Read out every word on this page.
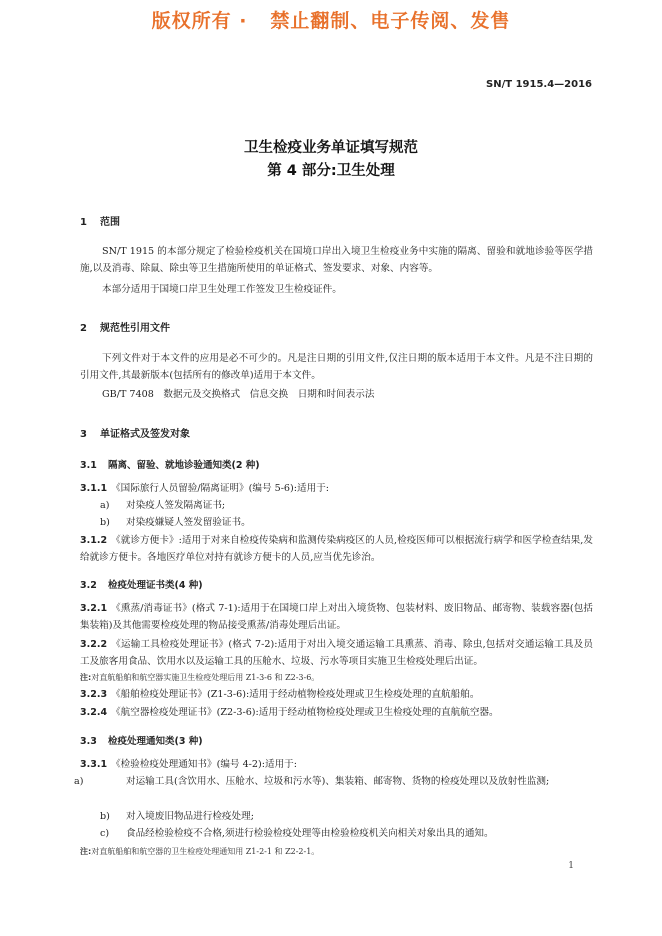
版权所有 ·   禁止翻制、电子传阅、发售
SN/T 1915.4—2016
卫生检疫业务单证填写规范
第 4 部分:卫生处理
1 范围
SN/T 1915 的本部分规定了检验检疫机关在国境口岸出入境卫生检疫业务中实施的隔离、留验和就地诊验等医学措施,以及消毒、除鼠、除虫等卫生措施所使用的单证格式、签发要求、对象、内容等。
本部分适用于国境口岸卫生处理工作签发卫生检疫证件。
2 规范性引用文件
下列文件对于本文件的应用是必不可少的。凡是注日期的引用文件,仅注日期的版本适用于本文件。凡是不注日期的引用文件,其最新版本(包括所有的修改单)适用于本文件。
GB/T 7408　数据元及交换格式　信息交换　日期和时间表示法
3 单证格式及签发对象
3.1 隔离、留验、就地诊验通知类(2 种)
3.1.1 《国际旅行人员留验/隔离证明》(编号 5-6):适用于:
a) 对染疫人签发隔离证书;
b) 对染疫嫌疑人签发留验证书。
3.1.2 《就诊方便卡》:适用于对来自检疫传染病和监测传染病疫区的人员,检疫医师可以根据流行病学和医学检查结果,发给就诊方便卡。各地医疗单位对持有就诊方便卡的人员,应当优先诊治。
3.2 检疫处理证书类(4 种)
3.2.1 《熏蒸/消毒证书》(格式 7-1):适用于在国境口岸上对出入境货物、包装材料、废旧物品、邮寄物、装载容器(包括集装箱)及其他需要检疫处理的物品接受熏蒸/消毒处理后出证。
3.2.2 《运输工具检疫处理证书》(格式 7-2):适用于对出入境交通运输工具熏蒸、消毒、除虫,包括对交通运输工具及员工及旅客用食品、饮用水以及运输工具的压舱水、垃圾、污水等项目实施卫生检疫处理后出证。
注:对直航船舶和航空器实施卫生检疫处理后用 Z1-3-6 和 Z2-3-6。
3.2.3 《船舶检疫处理证书》(Z1-3-6):适用于经动植物检疫处理或卫生检疫处理的直航船舶。
3.2.4 《航空器检疫处理证书》(Z2-3-6):适用于经动植物检疫处理或卫生检疫处理的直航航空器。
3.3 检疫处理通知类(3 种)
3.3.1 《检验检疫处理通知书》(编号 4-2):适用于:
a)	对运输工具(含饮用水、压舱水、垃圾和污水等)、集装箱、邮寄物、货物的检疫处理以及放射性监测;
b) 对入境废旧物品进行检疫处理;
c) 食品经检验检疫不合格,须进行检验检疫处理等由检验检疫机关向相关对象出具的通知。
注:对直航船舶和航空器的卫生检疫处理通知用 Z1-2-1 和 Z2-2-1。
1
